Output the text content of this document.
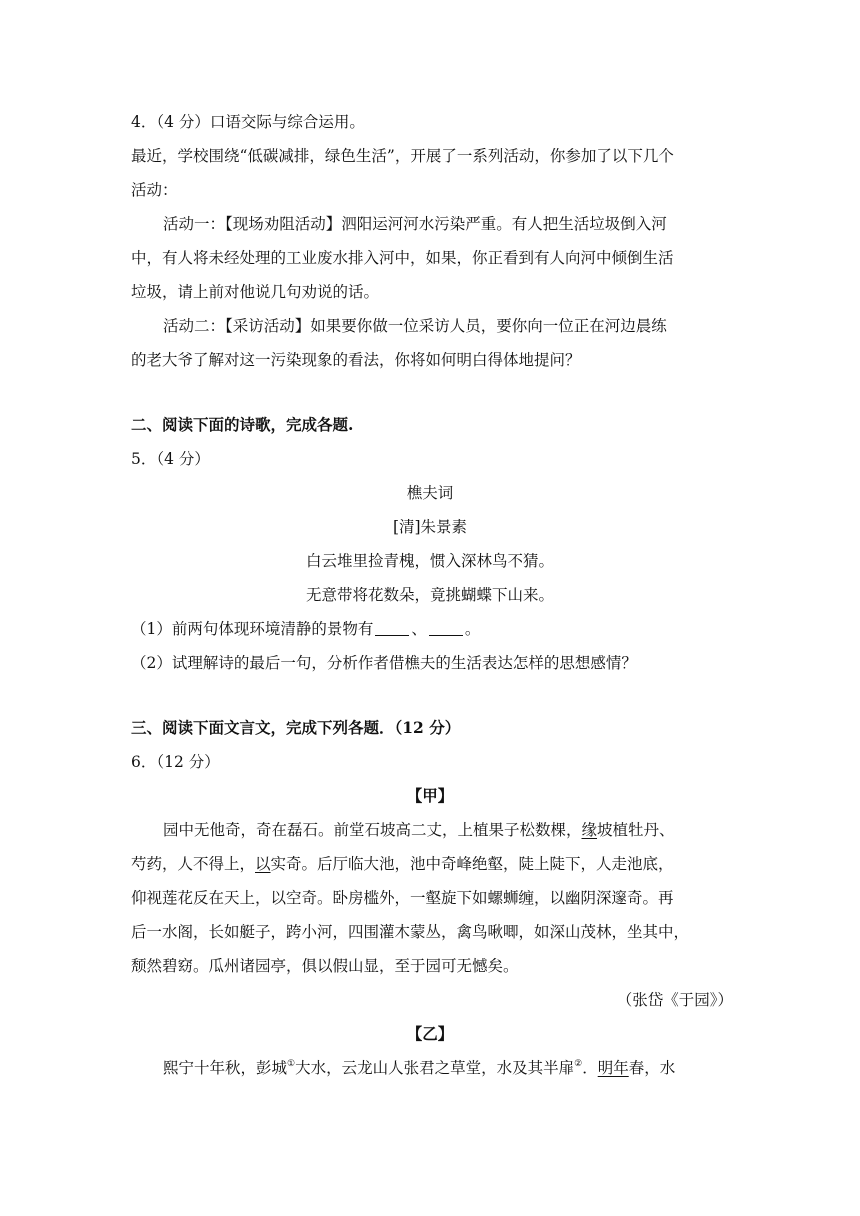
4．（4 分）口语交际与综合运用。
最近，学校围绕“低碳减排，绿色生活”，开展了一系列活动，你参加了以下几个
活动：
活动一：【现场劝阻活动】泗阳运河河水污染严重。有人把生活垃圾倒入河
中，有人将未经处理的工业废水排入河中，如果，你正看到有人向河中倾倒生活
垃圾，请上前对他说几句劝说的话。
活动二：【采访活动】如果要你做一位采访人员，要你向一位正在河边晨练
的老大爷了解对这一污染现象的看法，你将如何明白得体地提问？
二、阅读下面的诗歌，完成各题.
5．（4 分）
樵夫词
[清]朱景素
白云堆里捡青槐，惯入深林鸟不猜。
无意带将花数朵，竟挑蝴蝶下山来。
（1）前两句体现环境清静的景物有 、 。
（2）试理解诗的最后一句，分析作者借樵夫的生活表达怎样的思想感情？
三、阅读下面文言文，完成下列各题．（12 分）
6．（12 分）
【甲】
园中无他奇，奇在磊石。前堂石坡高二丈，上植果子松数棵，缘坡植牡丹、
芍药，人不得上，以实奇。后厅临大池，池中奇峰绝壑，陡上陡下，人走池底，
仰视莲花反在天上，以空奇。卧房槛外，一壑旋下如螺蛳缠，以幽阴深邃奇。再
后一水阁，长如艇子，跨小河，四围灌木蒙丛，禽鸟啾唧，如深山茂林，坐其中，
颓然碧窈。瓜州诸园亭，俱以假山显，至于园可无憾矣。
（张岱《于园》）
【乙】
熙宁十年秋，彭城①大水，云龙山人张君之草堂，水及其半扉②．明年春，水
